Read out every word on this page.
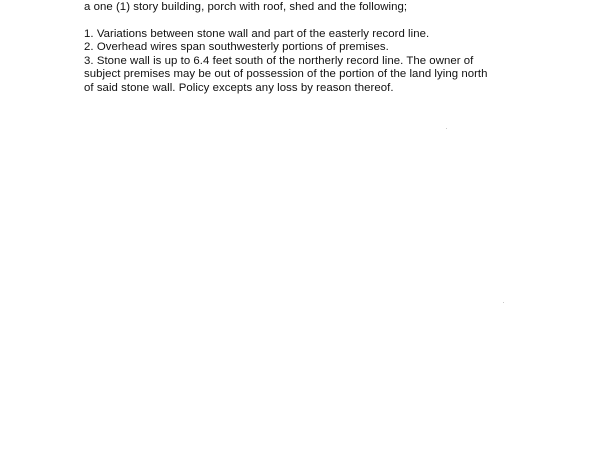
a one (1) story building, porch with roof, shed and the following;

1. Variations between stone wall and part of the easterly record line.

2. Overhead wires span southwesterly portions of premises.

3. Stone wall is up to 6.4 feet south of the northerly record line. The owner of

subject premises may be out of possession of the portion of the land lying north

of said stone wall. Policy excepts any loss by reason thereof.
